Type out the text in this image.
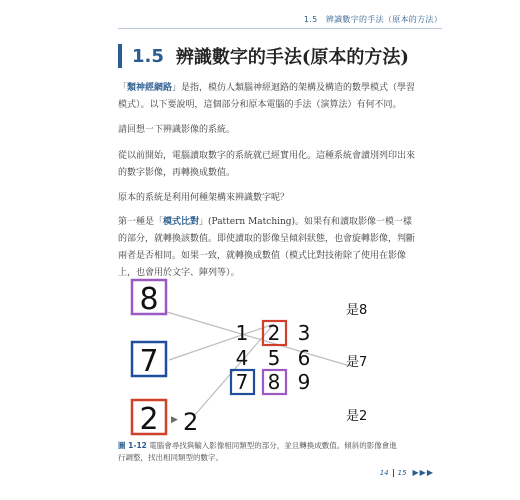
1.5　辨識數字的手法（原本的方法）
1.5 辨識數字的手法(原本的方法)
「類神經網路」是指，模仿人類腦神經迴路的架構及構造的數學模式（學習模式）。以下要說明，這個部分和原本電腦的手法（演算法）有何不同。
請回想一下辨識影像的系統。
從以前開始，電腦讀取數字的系統就已經實用化。這種系統會讀別列印出來的數字影像，再轉換成數值。
原本的系統是利用何種架構來辨識數字呢？
第一種是「模式比對」(Pattern Matching)。如果有和讀取影像一模一樣的部分，就轉換該數值。即使讀取的影像呈傾斜狀態，也會旋轉影像，判斷兩者是否相同。如果一致，就轉換成數值（模式比對技術除了使用在影像上，也會用於文字、陣列等）。
8
7
2 ▶ 2
1 2 3
4 5 6
7 8 9
是8
是7
是2
圖 1-12 電腦會尋找與輸入影像相同類型的部分，並且轉換成數值。傾斜的影像會進行調整，找出相同類型的數字。
14 15 ▶▶▶
